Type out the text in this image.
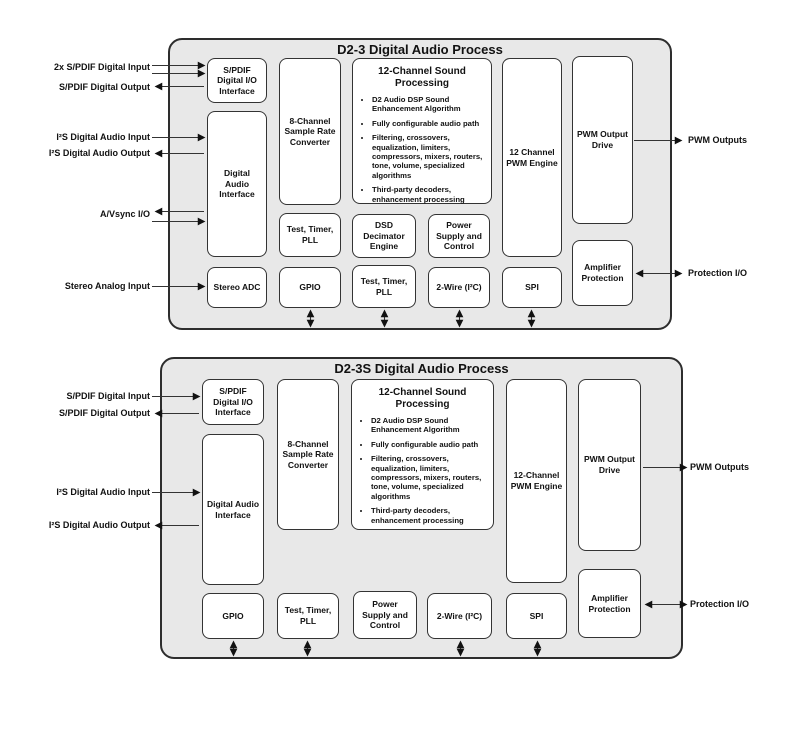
D2-3 Digital Audio Process
S/PDIF Digital I/O Interface
Digital Audio Interface
Stereo ADC
8-Channel Sample Rate Converter
Test, Timer, PLL
GPIO
12-Channel Sound Processing
• D2 Audio DSP Sound Enhancement Algorithm
• Fully configurable audio path
• Filtering, crossovers, equalization, limiters, compressors, mixers, routers, tone, volume, specialized algorithms
• Third-party decoders, enhancement processing
DSD Decimator Engine
Power Supply and Control
Test, Timer, PLL	2-Wire (I²C)
12 Channel PWM Engine
SPI
PWM Output Drive
Amplifier Protection
2x S/PDIF Digital Input
S/PDIF Digital Output
I²S Digital Audio Input
I²S Digital Audio Output
A/Vsync I/O
Stereo Analog Input
PWM Outputs
Protection I/O
D2-3S Digital Audio Process
S/PDIF Digital I/O Interface
Digital Audio Interface
GPIO
8-Channel Sample Rate Converter
Test, Timer, PLL
12-Channel Sound Processing
• D2 Audio DSP Sound Enhancement Algorithm
• Fully configurable audio path
• Filtering, crossovers, equalization, limiters, compressors, mixers, routers, tone, volume, specialized algorithms
• Third-party decoders, enhancement processing
Power Supply and Control
2-Wire (I²C)
12-Channel PWM Engine
SPI
PWM Output Drive
Amplifier Protection
S/PDIF Digital Input
S/PDIF Digital Output
I²S Digital Audio Input
I²S Digital Audio Output
PWM Outputs
Protection I/O
